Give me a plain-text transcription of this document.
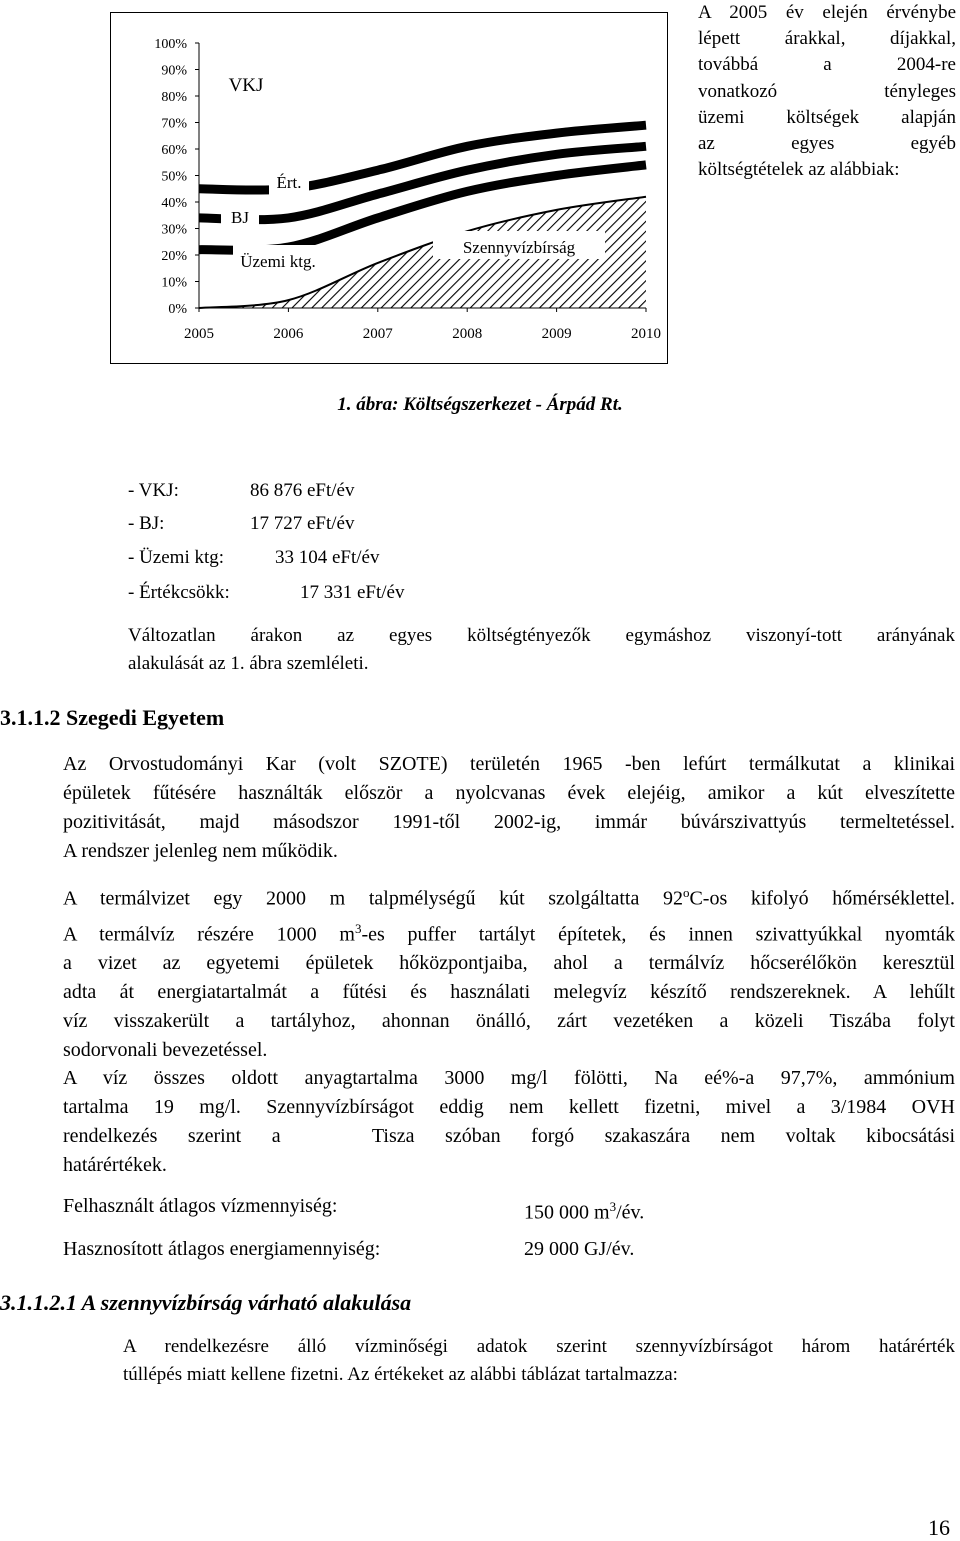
100%
90%
80%
70%
60%
50%
40%
30%
20%
10%
0%
2005	2006	2007	2008	2009	2010
Szennyvízbírság
Üzemi ktg.
BJ
Ért.
VKJ
A 2005 év elején érvénybe
lépett árakkal, díjakkal,
továbbá a 2004-re
vonatkozó tényleges
üzemi költségek alapján
az egyes egyéb
költségtételek az alábbiak:
1. ábra: Költségszerkezet - Árpád Rt.
- VKJ:	86 876 eFt/év
- BJ:	17 727 eFt/év
- Üzemi ktg:	33 104 eFt/év
- Értékcsökk:	17 331 eFt/év
Változatlan árakon az egyes költségtényezők egymáshoz viszonyí-tott arányának
alakulását az 1. ábra szemléleti.
3.1.1.2 Szegedi Egyetem
Az Orvostudományi Kar (volt SZOTE) területén 1965 -ben lefúrt termálkutat a klinikai
épületek fűtésére használták először a nyolcvanas évek elejéig, amikor a kút elveszítette
pozitivitását, majd másodszor 1991-től 2002-ig, immár búvárszivattyús termeltetéssel.
A rendszer jelenleg nem működik.
A termálvizet egy 2000 m talpmélységű kút szolgáltatta 92$^o$C-os kifolyó hőmérséklettel.
A termálvíz részére 1000 $m^3-es$ puffer tartályt építetek, és innen szivattyúkkal nyomták
a vizet az egyetemi épületek hőközpontjaiba, ahol a termálvíz hőcserélőkön keresztül
adta át energiatartalmát a fűtési és használati melegvíz készítő rendszereknek. A lehűlt
víz visszakerült a tartályhoz, ahonnan önálló, zárt vezetéken a közeli Tiszába folyt
sodorvonali bevezetéssel.
A víz összes oldott anyagtartalma 3000 mg/l fölötti, Na eé%-a 97,7%, ammónium
tartalma 19 mg/l. Szennyvízbírságot eddig nem kellett fizetni, mivel a 3/1984 OVH
rendelkezés szerint a   Tisza szóban forgó szakaszára nem voltak kibocsátási
határértékek.
Felhasznált átlagos vízmennyiség:	150 000 $m^3/év$.
Hasznosított átlagos energiamennyiség:	29 000 GJ/év.
3.1.1.2.1 A szennyvízbírság várható alakulása
A rendelkezésre álló vízminőségi adatok szerint szennyvízbírságot három határérték
túllépés miatt kellene fizetni. Az értékeket az alábbi táblázat tartalmazza:
16
